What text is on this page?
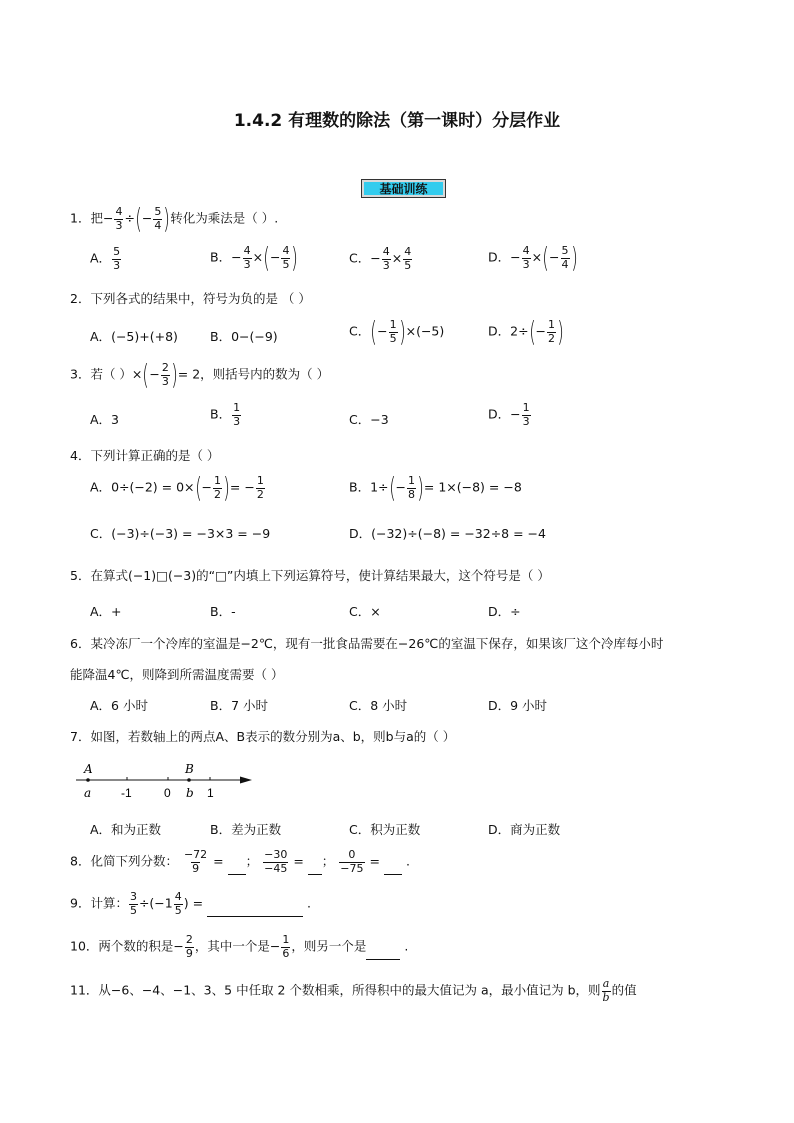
1.4.2 有理数的除法（第一课时）分层作业
基础训练
1．把− $\frac{4}{3}$ ÷(− $\frac{5}{4}$ )转化为乘法是（ ）.
A． $\frac{5}{3}$	B．− $\frac{4}{3}$ ×(− $\frac{4}{5}$ )	C．− $\frac{4}{3} \times \frac{4}{5}$	D．− $\frac{4}{3}$ ×(− $\frac{5}{4}$ )
2．下列各式的结果中，符号为负的是 （ ）
A．(−5)+(+8)	B．0−(−9)	C．(− $\frac{1}{5} )\times(-5)$	D．$2\div(- \frac{1}{2}$ )
3．若（ ）×(− $\frac{2}{3}$ )= 2，则括号内的数为（ ）
A．3	B． $\frac{1}{3}$	C．−3	D．− $\frac{1}{3}$
4．下列计算正确的是（ ）
A．$0\div(-2) = 0\times(- \frac{1}{2}$ )= − $\frac{1}{2}$	B．$1\div(- \frac{1}{8}$ )= 1×(−8) = −8
C．(−3)÷(−3) = −3×3 = −9	D．(−32)÷(−8) = −32÷8 = −4
5．在算式(−1)□(−3)的“□”内填上下列运算符号，使计算结果最大，这个符号是（ ）
A．+	B．-	C．×	D．÷
6．某冷冻厂一个冷库的室温是−2℃，现有一批食品需要在−26℃的室温下保存，如果该厂这个冷库每小时
能降温4℃，则降到所需温度需要（ ）
A．6 小时	B．7 小时	C．8 小时	D．9 小时
7．如图，若数轴上的两点A、B表示的数分别为a、b，则b与a的（ ）
A	B
a -1	0 b 1
A．和为正数	B．差为正数	C．积为正数	D．商为正数
8．化简下列分数： $\frac{-72}{9}$ = ； $\frac{-30}{-45}$ = ； $\frac{0}{-75}$ = .
9．计算： $\frac{3}{5} \div(-1 \frac{4}{5}$ ) =	.
10．两个数的积是− $\frac{2}{9}$ ，其中一个是− $\frac{1}{6}$ ，则另一个是	.
11．从−6、−4、−1、3、5 中任取 2 个数相乘，所得积中的最大值记为 a，最小值记为 b，则 $\frac{a}{b}$ 的值
